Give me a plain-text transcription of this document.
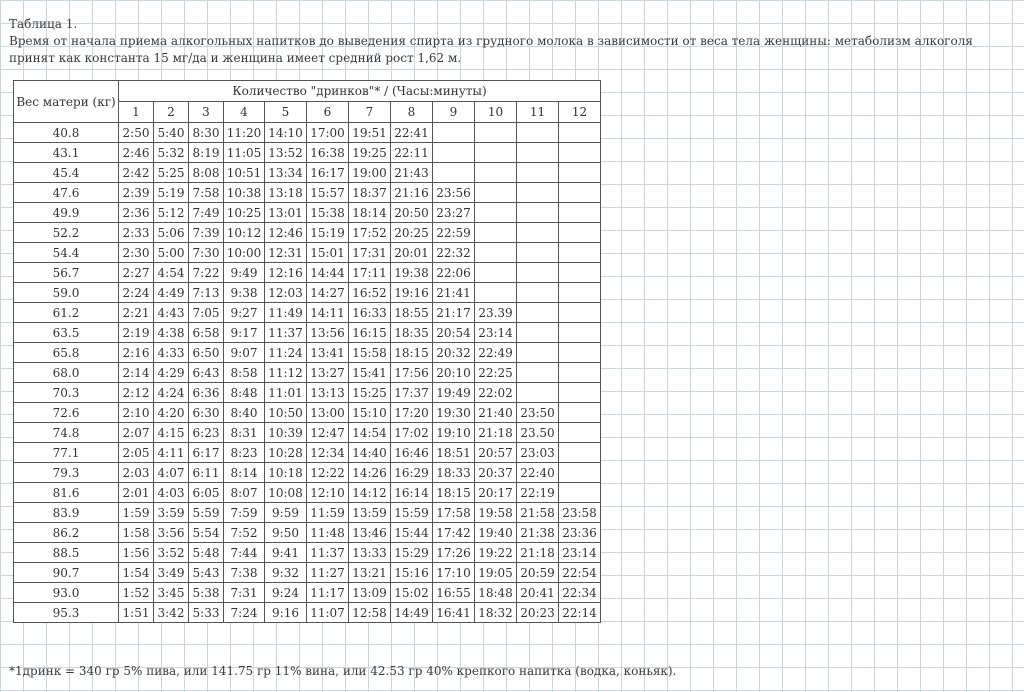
Таблица 1.
Время от начала приема алкогольных напитков до выведения спирта из грудного молока в зависимости от веса тела женщины: метаболизм алкоголя
принят как константа 15 мг/да и женщина имеет средний рост 1,62 м.
Вес матери (кг)	Количество "дринков"* / (Часы:минуты)											
	1	2	3	4	5	6	7	8	9	10	11	12
40.8	2:50	5:40	8:30	11:20	14:10	17:00	19:51	22:41				
43.1	2:46	5:32	8:19	11:05	13:52	16:38	19:25	22:11				
45.4	2:42	5:25	8:08	10:51	13:34	16:17	19:00	21:43				
47.6	2:39	5:19	7:58	10:38	13:18	15:57	18:37	21:16	23:56			
49.9	2:36	5:12	7:49	10:25	13:01	15:38	18:14	20:50	23:27			
52.2	2:33	5:06	7:39	10:12	12:46	15:19	17:52	20:25	22:59			
54.4	2:30	5:00	7:30	10:00	12:31	15:01	17:31	20:01	22:32			
56.7	2:27	4:54	7:22	9:49	12:16	14:44	17:11	19:38	22:06			
59.0	2:24	4:49	7:13	9:38	12:03	14:27	16:52	19:16	21:41			
61.2	2:21	4:43	7:05	9:27	11:49	14:11	16:33	18:55	21:17	23.39		
63.5	2:19	4:38	6:58	9:17	11:37	13:56	16:15	18:35	20:54	23:14		
65.8	2:16	4:33	6:50	9:07	11:24	13:41	15:58	18:15	20:32	22:49		
68.0	2:14	4:29	6:43	8:58	11:12	13:27	15:41	17:56	20:10	22:25		
70.3	2:12	4:24	6:36	8:48	11:01	13:13	15:25	17:37	19:49	22:02		
72.6	2:10	4:20	6:30	8:40	10:50	13:00	15:10	17:20	19:30	21:40	23:50	
74.8	2:07	4:15	6:23	8:31	10:39	12:47	14:54	17:02	19:10	21:18	23.50	
77.1	2:05	4:11	6:17	8:23	10:28	12:34	14:40	16:46	18:51	20:57	23:03	
79.3	2:03	4:07	6:11	8:14	10:18	12:22	14:26	16:29	18:33	20:37	22:40	
81.6	2:01	4:03	6:05	8:07	10:08	12:10	14:12	16:14	18:15	20:17	22:19	
83.9	1:59	3:59	5:59	7:59	9:59	11:59	13:59	15:59	17:58	19:58	21:58	23:58
86.2	1:58	3:56	5:54	7:52	9:50	11:48	13:46	15:44	17:42	19:40	21:38	23:36
88.5	1:56	3:52	5:48	7:44	9:41	11:37	13:33	15:29	17:26	19:22	21:18	23:14
90.7	1:54	3:49	5:43	7:38	9:32	11:27	13:21	15:16	17:10	19:05	20:59	22:54
93.0	1:52	3:45	5:38	7:31	9:24	11:17	13:09	15:02	16:55	18:48	20:41	22:34
95.3	1:51	3:42	5:33	7:24	9:16	11:07	12:58	14:49	16:41	18:32	20:23	22:14
*1дринк = 340 гр 5% пива, или 141.75 гр 11% вина, или 42.53 гр 40% крепкого напитка (водка, коньяк).
